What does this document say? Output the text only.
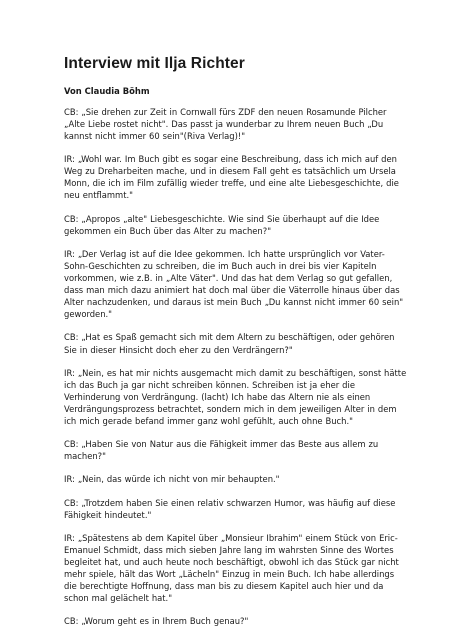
Interview mit Ilja Richter

Von Claudia Böhm

CB: „Sie drehen zur Zeit in Cornwall fürs ZDF den neuen Rosamunde Pilcher „Alte Liebe rostet nicht". Das passt ja wunderbar zu Ihrem neuen Buch „Du kannst nicht immer 60 sein"(Riva Verlag)!"

IR: „Wohl war. Im Buch gibt es sogar eine Beschreibung, dass ich mich auf den Weg zu Dreharbeiten mache, und in diesem Fall geht es tatsächlich um Ursela Monn, die ich im Film zufällig wieder treffe, und eine alte Liebesgeschichte, die neu entflammt."

CB: „Apropos „alte" Liebesgeschichte. Wie sind Sie überhaupt auf die Idee gekommen ein Buch über das Alter zu machen?"

IR: „Der Verlag ist auf die Idee gekommen. Ich hatte ursprünglich vor Vater-Sohn-Geschichten zu schreiben, die im Buch auch in drei bis vier Kapiteln vorkommen, wie z.B. in „Alte Väter". Und das hat dem Verlag so gut gefallen, dass man mich dazu animiert hat doch mal über die Väterrolle hinaus über das Alter nachzudenken, und daraus ist mein Buch „Du kannst nicht immer 60 sein" geworden."

CB: „Hat es Spaß gemacht sich mit dem Altern zu beschäftigen, oder gehören Sie in dieser Hinsicht doch eher zu den Verdrängern?"

IR: „Nein, es hat mir nichts ausgemacht mich damit zu beschäftigen, sonst hätte ich das Buch ja gar nicht schreiben können. Schreiben ist ja eher die Verhinderung von Verdrängung. (lacht) Ich habe das Altern nie als einen Verdrängungsprozess betrachtet, sondern mich in dem jeweiligen Alter in dem ich mich gerade befand immer ganz wohl gefühlt, auch ohne Buch."

CB: „Haben Sie von Natur aus die Fähigkeit immer das Beste aus allem zu machen?"

IR: „Nein, das würde ich nicht von mir behaupten."

CB: „Trotzdem haben Sie einen relativ schwarzen Humor, was häufig auf diese Fähigkeit hindeutet."

IR: „Spätestens ab dem Kapitel über „Monsieur Ibrahim" einem Stück von Eric-Emanuel Schmidt, dass mich sieben Jahre lang im wahrsten Sinne des Wortes begleitet hat, und auch heute noch beschäftigt, obwohl ich das Stück gar nicht mehr spiele, hält das Wort „Lächeln" Einzug in mein Buch. Ich habe allerdings die berechtigte Hoffnung, dass man bis zu diesem Kapitel auch hier und da schon mal gelächelt hat."

CB: „Worum geht es in Ihrem Buch genau?"
